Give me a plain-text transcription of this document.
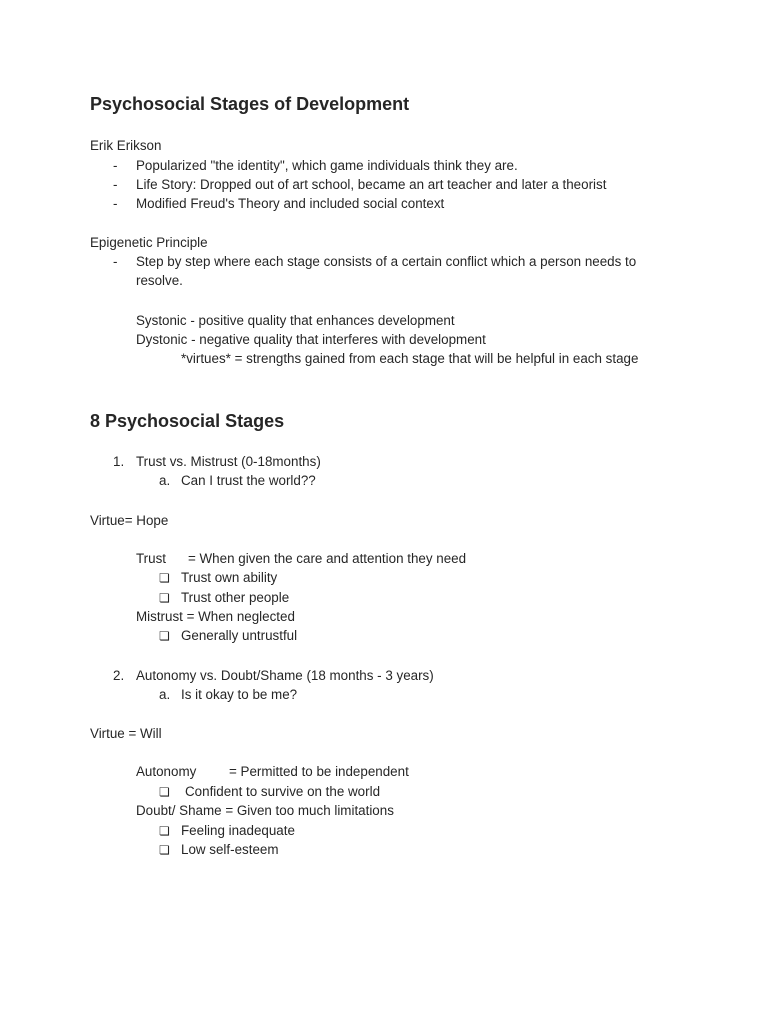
Psychosocial Stages of Development

Erik Erikson

- Popularized "the identity", which game individuals think they are.

- Life Story: Dropped out of art school, became an art teacher and later a theorist

- Modified Freud's Theory and included social context

Epigenetic Principle

- Step by step where each stage consists of a certain conflict which a person needs to

resolve.

Systonic - positive quality that enhances development

Dystonic - negative quality that interferes with development

*virtues* = strengths gained from each stage that will be helpful in each stage

8 Psychosocial Stages
1. Trust vs. Mistrust (0-18months)

a. Can I trust the world??

Virtue= Hope

Trust = When given the care and attention they need

❏ Trust own ability

❏ Trust other people

Mistrust = When neglected

❏ Generally untrustful

2. Autonomy vs. Doubt/Shame (18 months - 3 years)

a. Is it okay to be me?

Virtue = Will

Autonomy = Permitted to be independent

❏ Confident to survive on the world

Doubt/ Shame = Given too much limitations

❏ Feeling inadequate

❏ Low self-esteem
